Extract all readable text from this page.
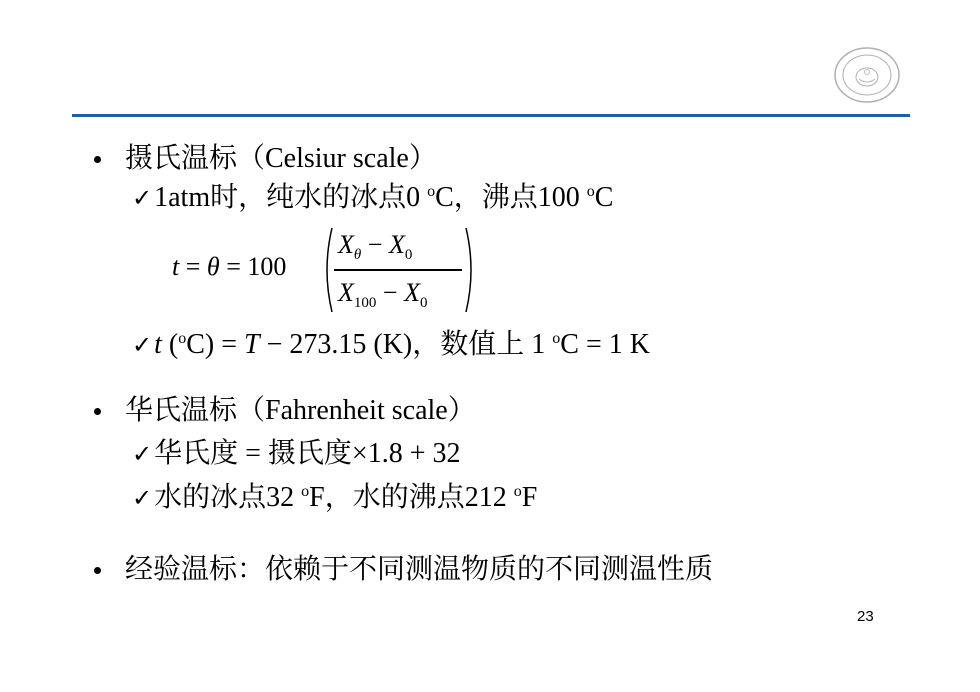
摄氏温标（Celsiur scale）
✓1atm时，纯水的冰点0 $^o$C，沸点100 $^o$C
t = θ = 100
$X_\theta - X_0$
$X_{100} - X_0$
✓t ($^o$C) = T − 273.15 (K)，数值上 1 $^o$C = 1 K
华氏温标（Fahrenheit scale）
✓华氏度 = 摄氏度×1.8 + 32
✓水的冰点32 $^o$F，水的沸点212 $^o$F
经验温标：依赖于不同测温物质的不同测温性质
23
